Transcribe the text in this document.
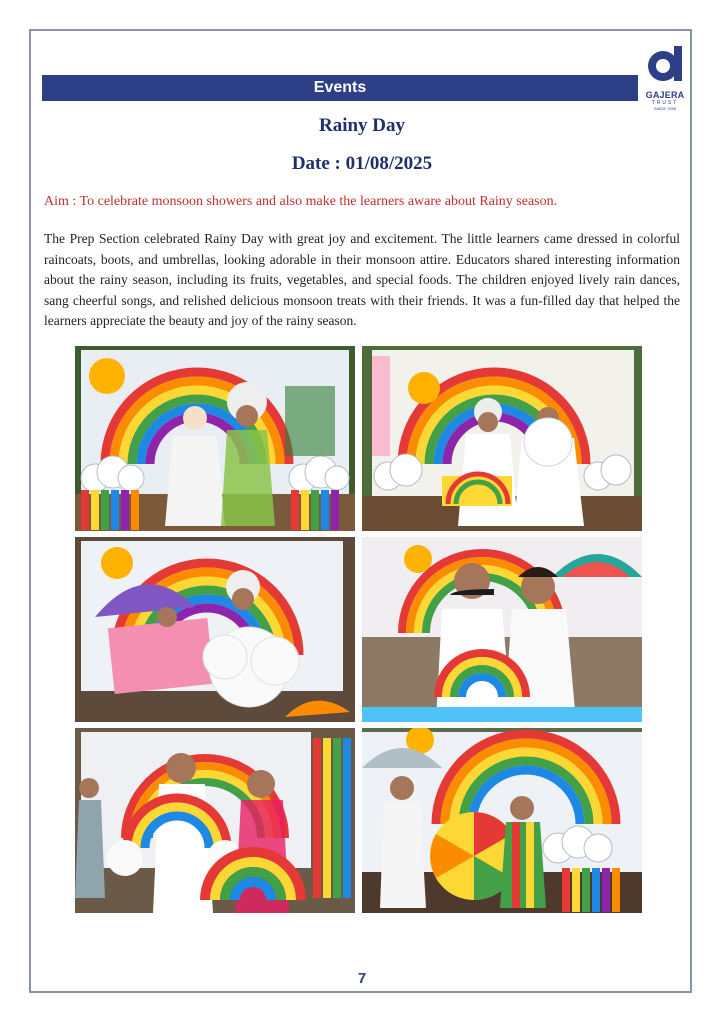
Events	GAJERA
TRUST
SINCE 1995
Rainy Day
Date : 01/08/2025
Aim : To celebrate monsoon showers and also make the learners aware about Rainy season.
The Prep Section celebrated Rainy Day with great joy and excitement. The little learners came dressed in colorful raincoats, boots, and umbrellas, looking adorable in their monsoon attire. Educators shared interesting information about the rainy season, including its fruits, vegetables, and special foods. The children enjoyed lively rain dances, sang cheerful songs, and relished delicious monsoon treats with their friends. It was a fun-filled day that helped the learners appreciate the beauty and joy of the rainy season.
7
